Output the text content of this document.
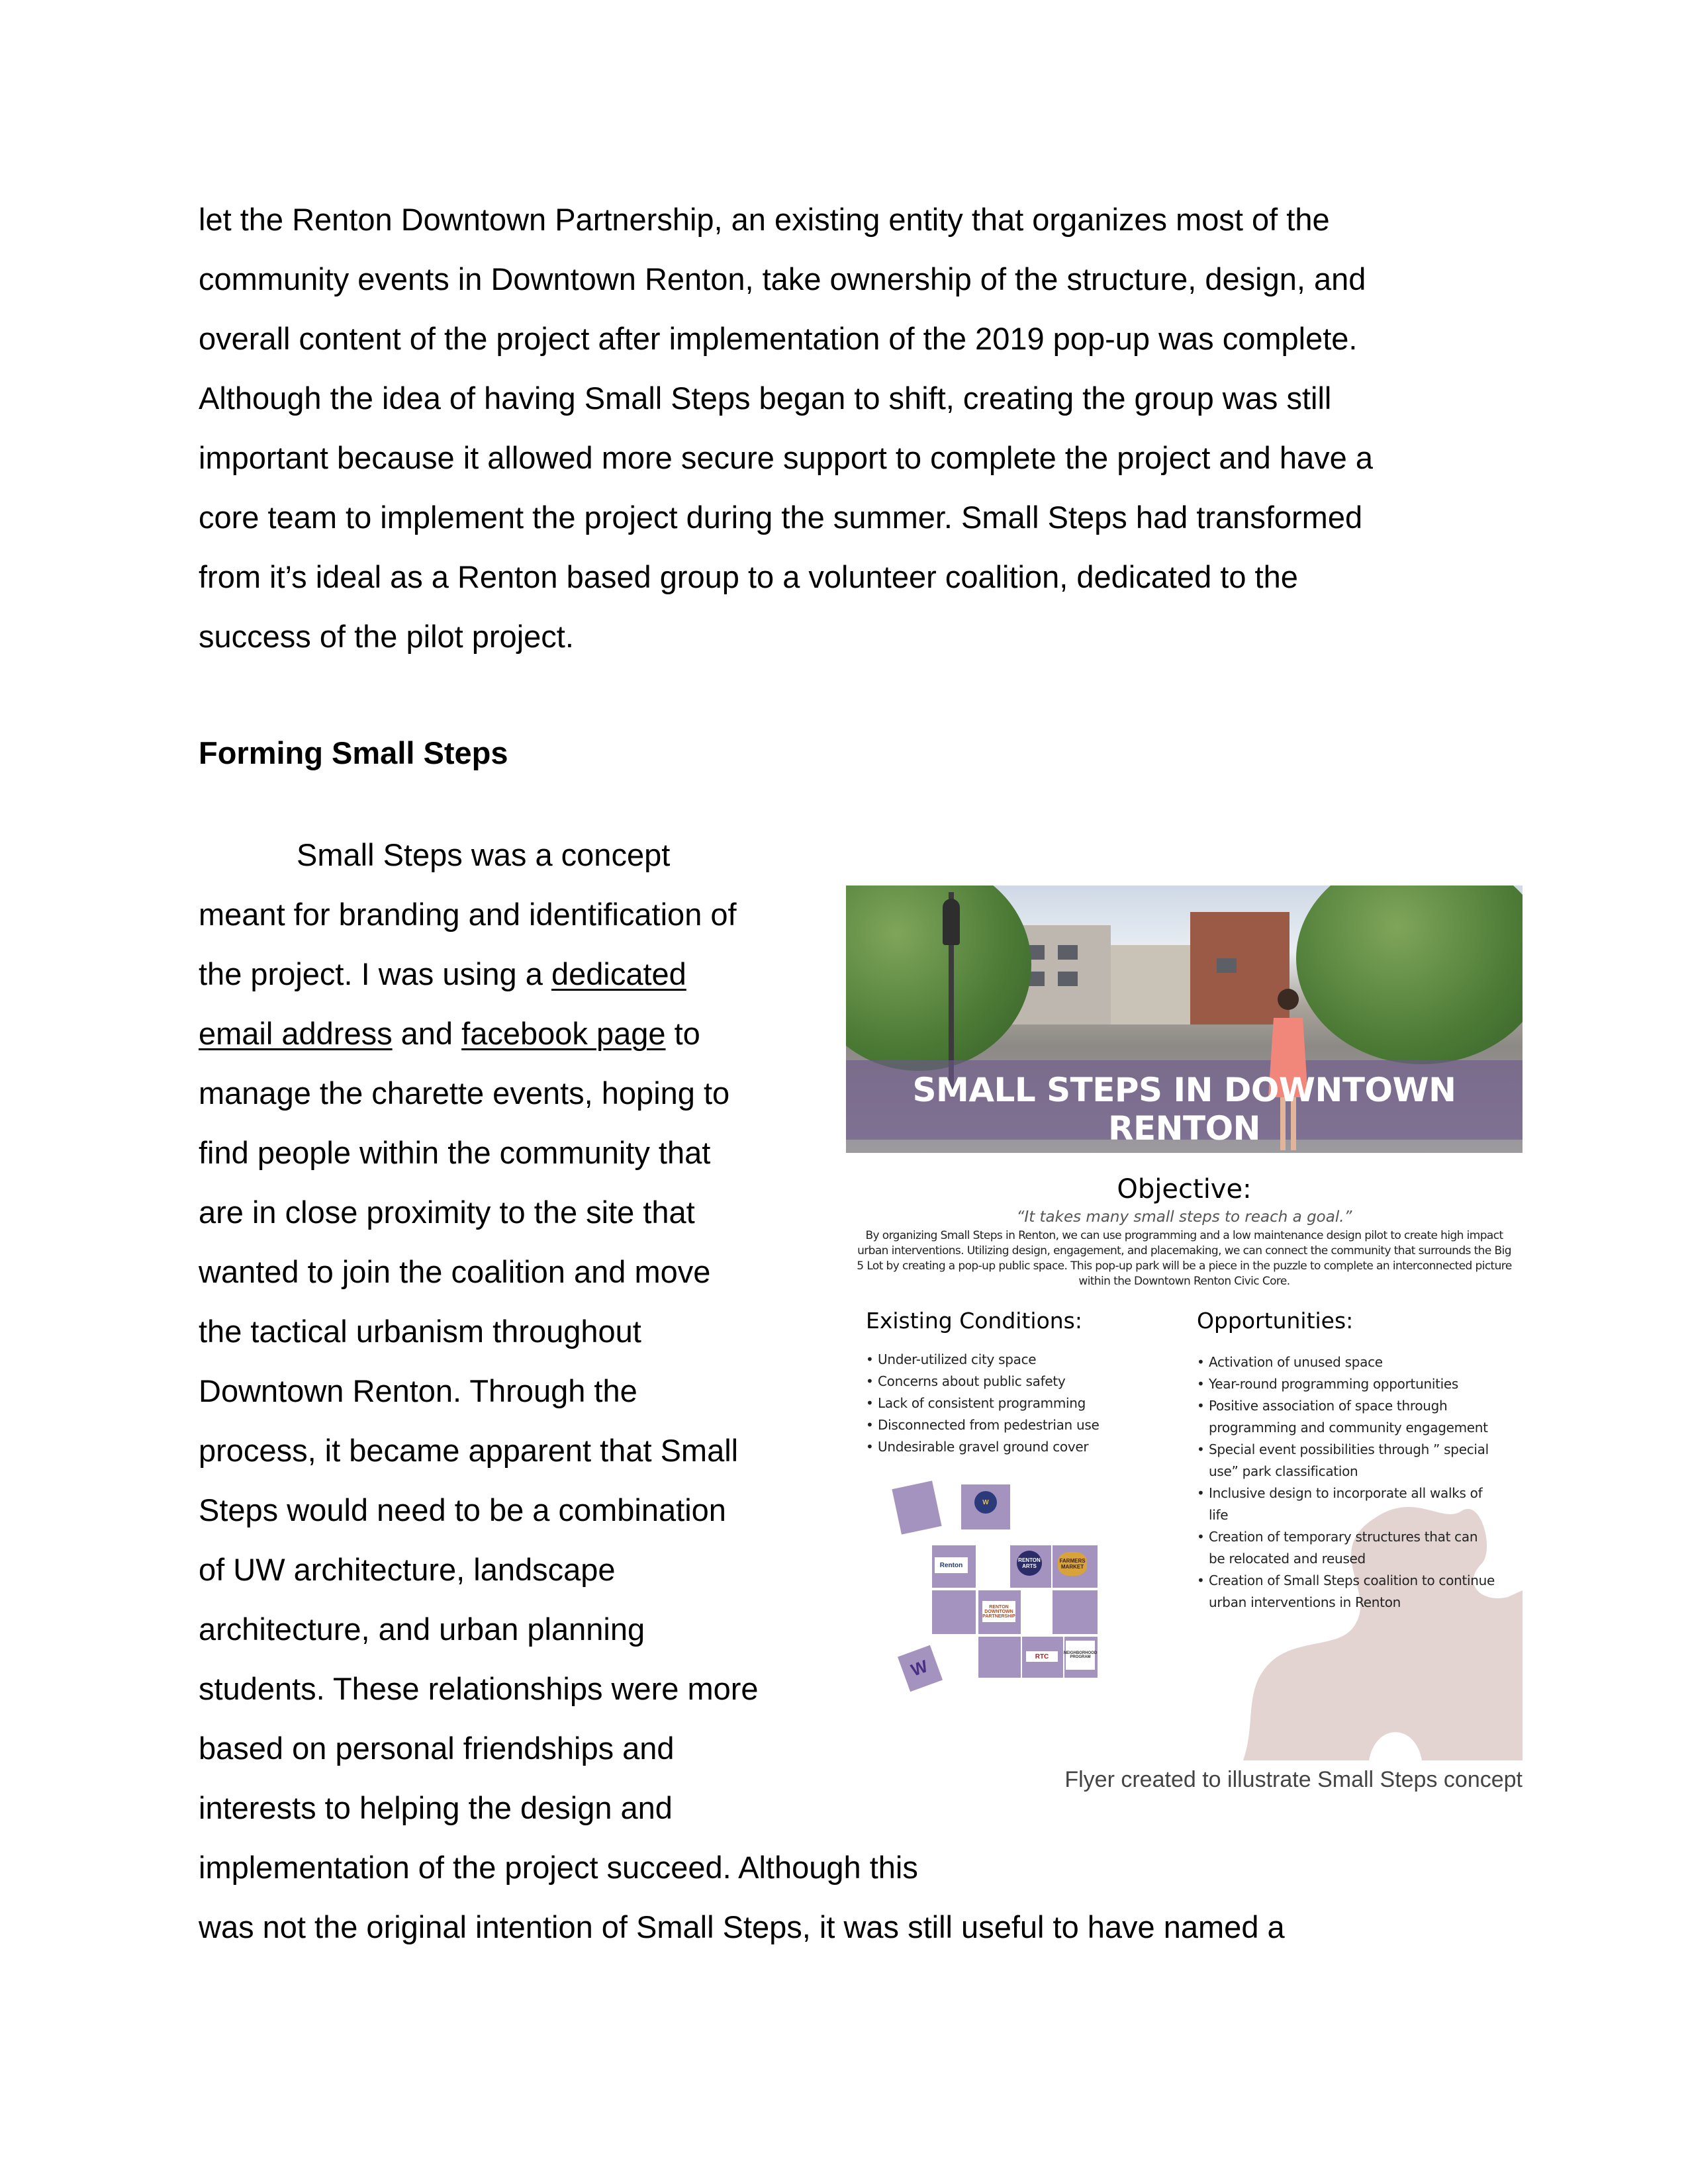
let the Renton Downtown Partnership, an existing entity that organizes most of the
community events in Downtown Renton, take ownership of the structure, design, and
overall content of the project after implementation of the 2019 pop-up was complete.
Although the idea of having Small Steps began to shift, creating the group was still
important because it allowed more secure support to complete the project and have a
core team to implement the project during the summer. Small Steps had transformed
from it’s ideal as a Renton based group to a volunteer coalition, dedicated to the
success of the pilot project.
Forming Small Steps
Small Steps was a concept
meant for branding and identification of
the project. I was using a dedicated
email address and facebook page to
manage the charette events, hoping to
find people within the community that
are in close proximity to the site that
wanted to join the coalition and move
the tactical urbanism throughout
Downtown Renton. Through the
process, it became apparent that Small
Steps would need to be a combination
of UW architecture, landscape
architecture, and urban planning
students. These relationships were more
based on personal friendships and
interests to helping the design and
implementation of the project succeed. Although this
was not the original intention of Small Steps, it was still useful to have named a
SMALL STEPS IN DOWNTOWN RENTON
Objective:
“It takes many small steps to reach a goal.”
By organizing Small Steps in Renton, we can use programming and a low maintenance design pilot to create high impact urban interventions. Utilizing design, engagement, and placemaking, we can connect the community that surrounds the Big 5 Lot by creating a pop-up public space. This pop-up park will be a piece in the puzzle to complete an interconnected picture within the Downtown Renton Civic Core.
Existing Conditions:
• Under-utilized city space
• Concerns about public safety
• Lack of consistent programming
• Disconnected from pedestrian use
• Undesirable gravel ground cover
Opportunities:
• Activation of unused space
• Year-round programming opportunities
• Positive association of space through programming and community engagement
• Special event possibilities through ” special use” park classification
• Inclusive design to incorporate all walks of life
• Creation of temporary structures that can be relocated and reused
• Creation of Small Steps coalition to continue urban interventions in Renton
W
Renton
RENTON ARTS
FARMERS MARKET
RENTON DOWNTOWN PARTNERSHIP
RTC	NEIGHBORHOOD PROGRAM
W
Flyer created to illustrate Small Steps concept
